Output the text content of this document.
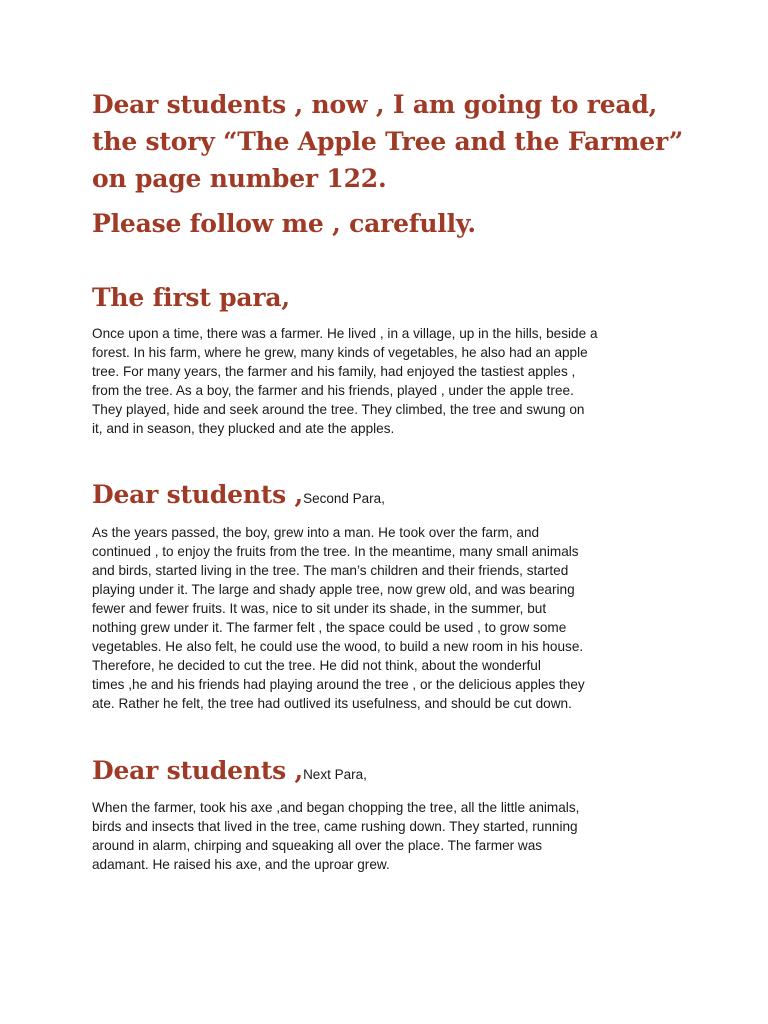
Dear students , now , I am going to read,
the story “The Apple Tree and the Farmer”
on page number 122.
Please follow me , carefully.
The first para,

Once upon a time, there was a farmer. He lived , in a village, up in the hills, beside a
forest. In his farm, where he grew, many kinds of vegetables, he also had an apple
tree. For many years, the farmer and his family, had enjoyed the tastiest apples ,
from the tree. As a boy, the farmer and his friends, played , under the apple tree.
They played, hide and seek around the tree. They climbed, the tree and swung on
it, and in season, they plucked and ate the apples.

Dear students ,Second Para,

As the years passed, the boy, grew into a man. He took over the farm, and
continued , to enjoy the fruits from the tree. In the meantime, many small animals
and birds, started living in the tree. The man’s children and their friends, started
playing under it. The large and shady apple tree, now grew old, and was bearing
fewer and fewer fruits. It was, nice to sit under its shade, in the summer, but
nothing grew under it. The farmer felt , the space could be used , to grow some
vegetables. He also felt, he could use the wood, to build a new room in his house.
Therefore, he decided to cut the tree. He did not think, about the wonderful
times ,he and his friends had playing around the tree , or the delicious apples they
ate. Rather he felt, the tree had outlived its usefulness, and should be cut down.

Dear students ,Next Para,

When the farmer, took his axe ,and began chopping the tree, all the little animals,
birds and insects that lived in the tree, came rushing down. They started, running
around in alarm, chirping and squeaking all over the place. The farmer was
adamant. He raised his axe, and the uproar grew.
